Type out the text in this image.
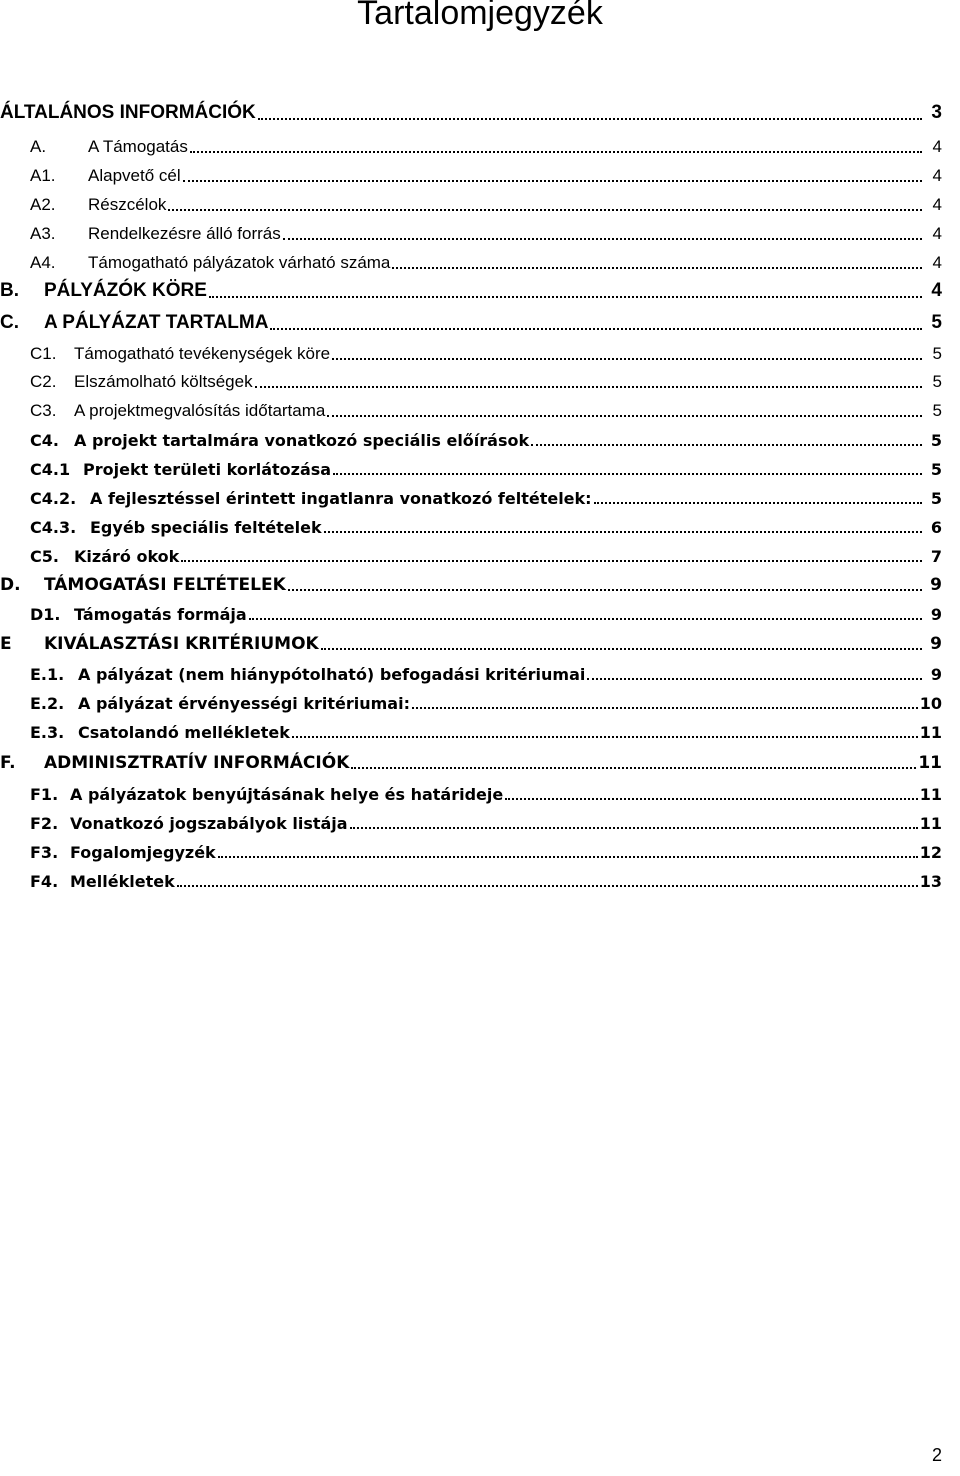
Tartalomjegyzék
ÁLTALÁNOS INFORMÁCIÓK	3
A.	A Támogatás	4
A1.	Alapvető cél	4
A2.	Részcélok	4
A3.	Rendelkezésre álló forrás	4
A4.	Támogatható pályázatok várható száma	4
B.	PÁLYÁZÓK KÖRE	4
C.	A PÁLYÁZAT TARTALMA	5
C1.	Támogatható tevékenységek köre	5
C2.	Elszámolható költségek	5
C3.	A projektmegvalósítás időtartama	5
C4. A projekt tartalmára vonatkozó speciális előírások	5
C4.1 Projekt területi korlátozása	5
C4.2. A fejlesztéssel érintett ingatlanra vonatkozó feltételek:	5
C4.3. Egyéb speciális feltételek	6
C5. Kizáró okok	7
D.	TÁMOGATÁSI FELTÉTELEK	9
D1. Támogatás formája	9
E	KIVÁLASZTÁSI KRITÉRIUMOK	9
E.1. A pályázat (nem hiánypótolható) befogadási kritériumai	9
E.2. A pályázat érvényességi kritériumai:	10
E.3. Csatolandó mellékletek	11
F.	ADMINISZTRATÍV INFORMÁCIÓK	11
F1. A pályázatok benyújtásának helye és határideje	11
F2. Vonatkozó jogszabályok listája	11
F3. Fogalomjegyzék	12
F4. Mellékletek	13
2
